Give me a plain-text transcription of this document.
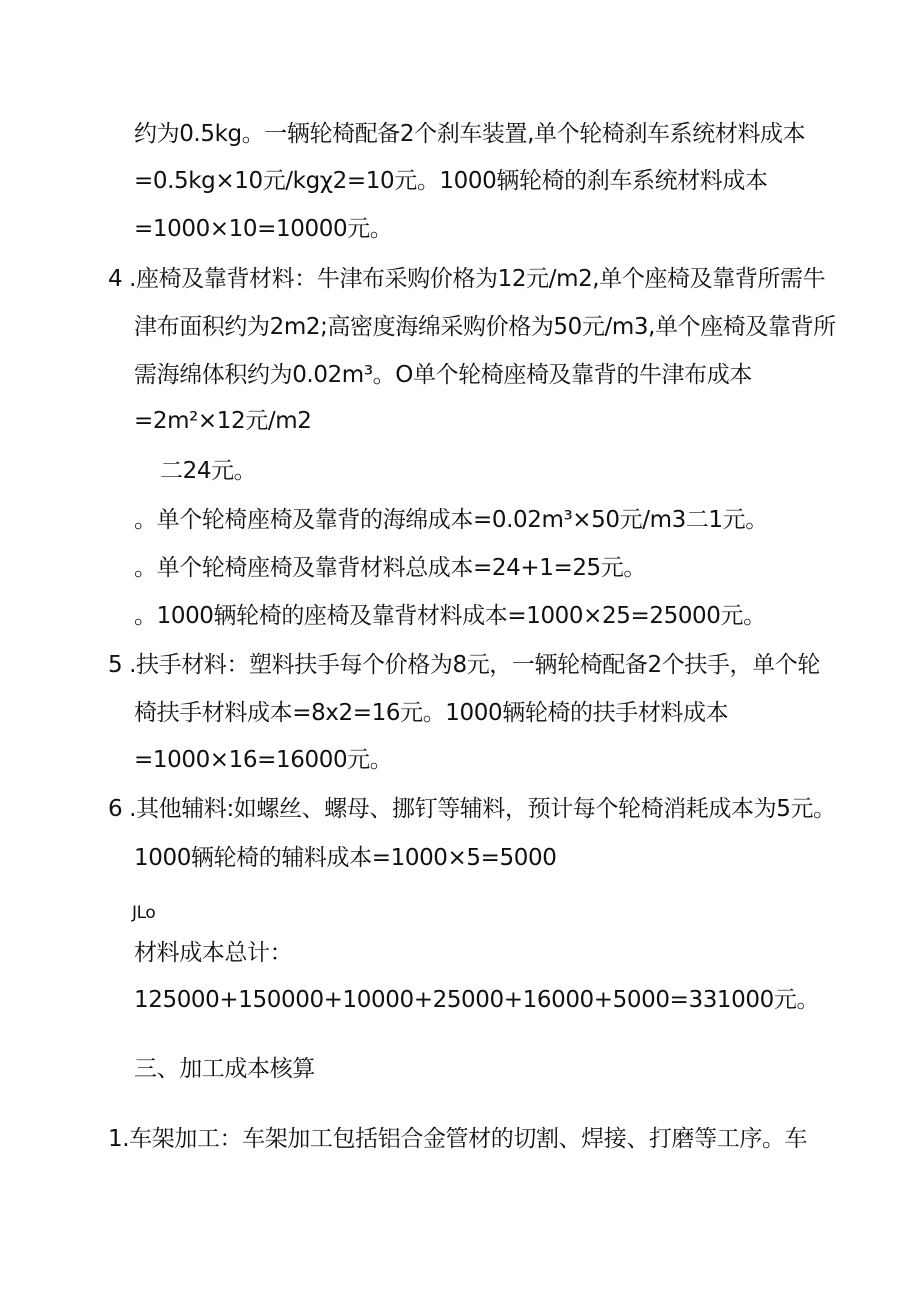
约为0.5kg。一辆轮椅配备2个刹车装置,单个轮椅刹车系统材料成本
=0.5kg×10元/kgχ2=10元。1000辆轮椅的刹车系统材料成本
=1000×10=10000元。
4 .座椅及靠背材料：牛津布采购价格为12元/m2,单个座椅及靠背所需牛
津布面积约为2m2;高密度海绵采购价格为50元/m3,单个座椅及靠背所
需海绵体积约为0.02m³。O单个轮椅座椅及靠背的牛津布成本
=2m²×12元/m2
二24元。
。单个轮椅座椅及靠背的海绵成本=0.02m³×50元/m3二1元。
。单个轮椅座椅及靠背材料总成本=24+1=25元。
。1000辆轮椅的座椅及靠背材料成本=1000×25=25000元。
5 .扶手材料：塑料扶手每个价格为8元，一辆轮椅配备2个扶手，单个轮
椅扶手材料成本=8x2=16元。1000辆轮椅的扶手材料成本
=1000×16=16000元。
6 .其他辅料:如螺丝、螺母、挪钉等辅料，预计每个轮椅消耗成本为5元。
1000辆轮椅的辅料成本=1000×5=5000
JLo
材料成本总计：
125000+150000+10000+25000+16000+5000=331000元。
三、加工成本核算
1.车架加工：车架加工包括铝合金管材的切割、焊接、打磨等工序。车
